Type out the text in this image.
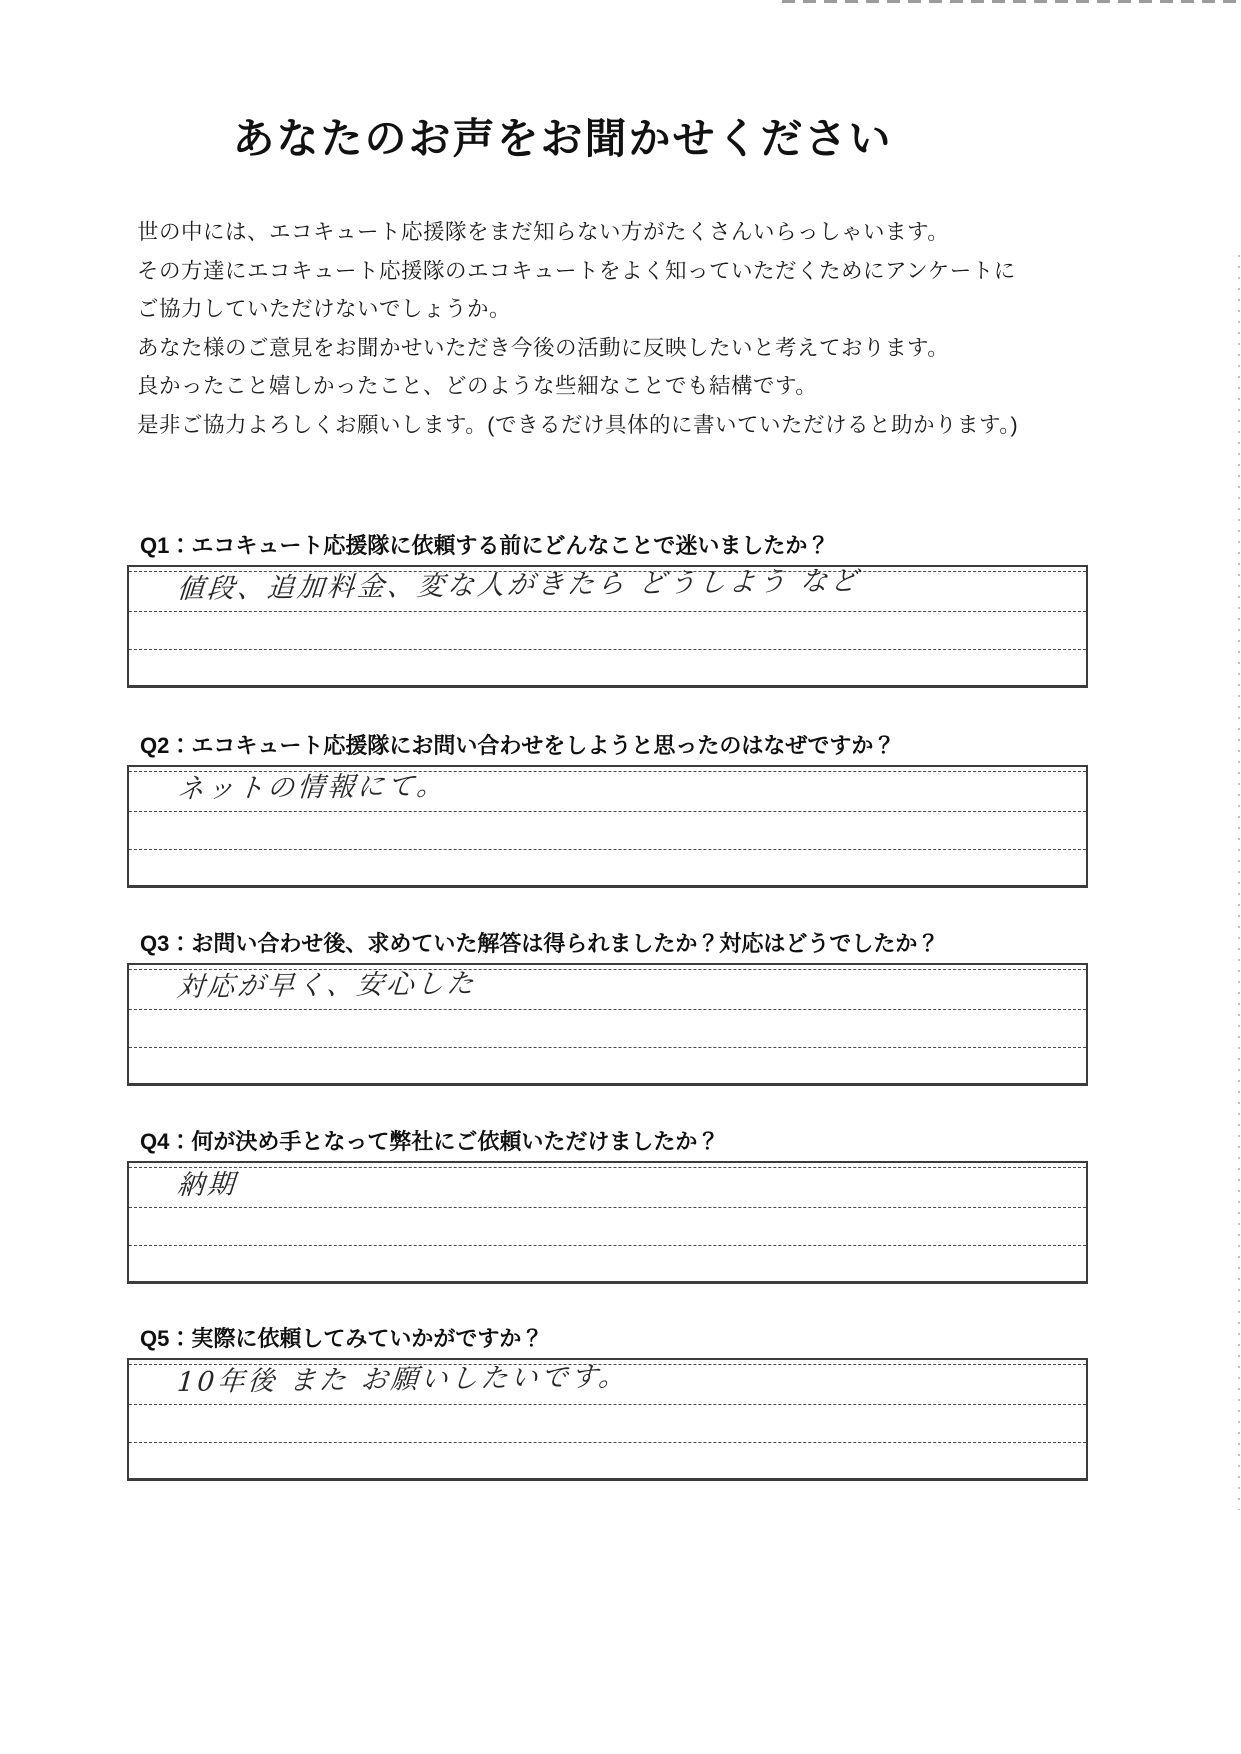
あなたのお声をお聞かせください
世の中には、エコキュート応援隊をまだ知らない方がたくさんいらっしゃいます。
その方達にエコキュート応援隊のエコキュートをよく知っていただくためにアンケートに
ご協力していただけないでしょうか。
あなた様のご意見をお聞かせいただき今後の活動に反映したいと考えております。
良かったこと嬉しかったこと、どのような些細なことでも結構です。
是非ご協力よろしくお願いします。(できるだけ具体的に書いていただけると助かります。)
Q1：エコキュート応援隊に依頼する前にどんなことで迷いましたか？
値段、追加料金、変な人がきたら どうしよう など
Q2：エコキュート応援隊にお問い合わせをしようと思ったのはなぜですか？
ネットの情報にて。
Q3：お問い合わせ後、求めていた解答は得られましたか？対応はどうでしたか？
対応が早く、安心した
Q4：何が決め手となって弊社にご依頼いただけましたか？
納期
Q5：実際に依頼してみていかがですか？
10年後 また お願いしたいです。
